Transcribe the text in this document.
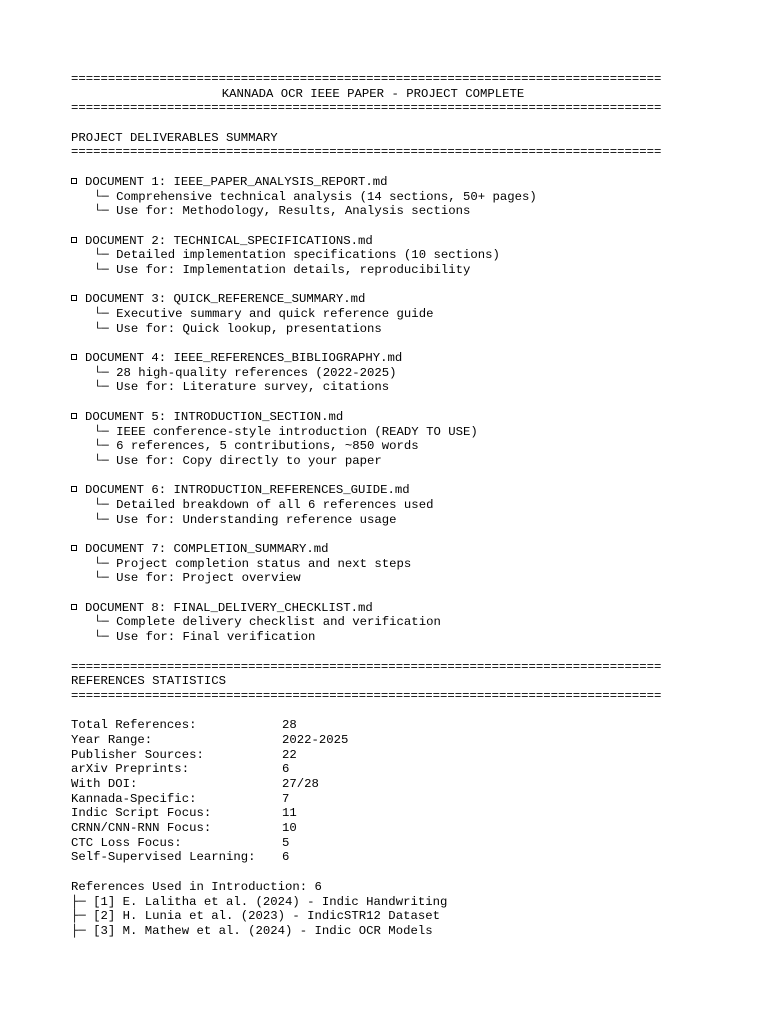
================================================================================
KANNADA OCR IEEE PAPER - PROJECT COMPLETE
================================================================================
PROJECT DELIVERABLES SUMMARY
================================================================================
DOCUMENT 1: IEEE_PAPER_ANALYSIS_REPORT.md
└─ Comprehensive technical analysis (14 sections, 50+ pages)
└─ Use for: Methodology, Results, Analysis sections
DOCUMENT 2: TECHNICAL_SPECIFICATIONS.md
└─ Detailed implementation specifications (10 sections)
└─ Use for: Implementation details, reproducibility
DOCUMENT 3: QUICK_REFERENCE_SUMMARY.md
└─ Executive summary and quick reference guide
└─ Use for: Quick lookup, presentations
DOCUMENT 4: IEEE_REFERENCES_BIBLIOGRAPHY.md
└─ 28 high-quality references (2022-2025)
└─ Use for: Literature survey, citations
DOCUMENT 5: INTRODUCTION_SECTION.md
└─ IEEE conference-style introduction (READY TO USE)
└─ 6 references, 5 contributions, ~850 words
└─ Use for: Copy directly to your paper
DOCUMENT 6: INTRODUCTION_REFERENCES_GUIDE.md
└─ Detailed breakdown of all 6 references used
└─ Use for: Understanding reference usage
DOCUMENT 7: COMPLETION_SUMMARY.md
└─ Project completion status and next steps
└─ Use for: Project overview
DOCUMENT 8: FINAL_DELIVERY_CHECKLIST.md
└─ Complete delivery checklist and verification
└─ Use for: Final verification
================================================================================
REFERENCES STATISTICS
================================================================================
Total References:	28
Year Range:	2022-2025
Publisher Sources:	22
arXiv Preprints:	6
With DOI:	27/28
Kannada-Specific:	7
Indic Script Focus:	11
CRNN/CNN-RNN Focus:	10
CTC Loss Focus:	5
Self-Supervised Learning:	6
References Used in Introduction: 6
├─ [1] E. Lalitha et al. (2024) - Indic Handwriting
├─ [2] H. Lunia et al. (2023) - IndicSTR12 Dataset
├─ [3] M. Mathew et al. (2024) - Indic OCR Models
